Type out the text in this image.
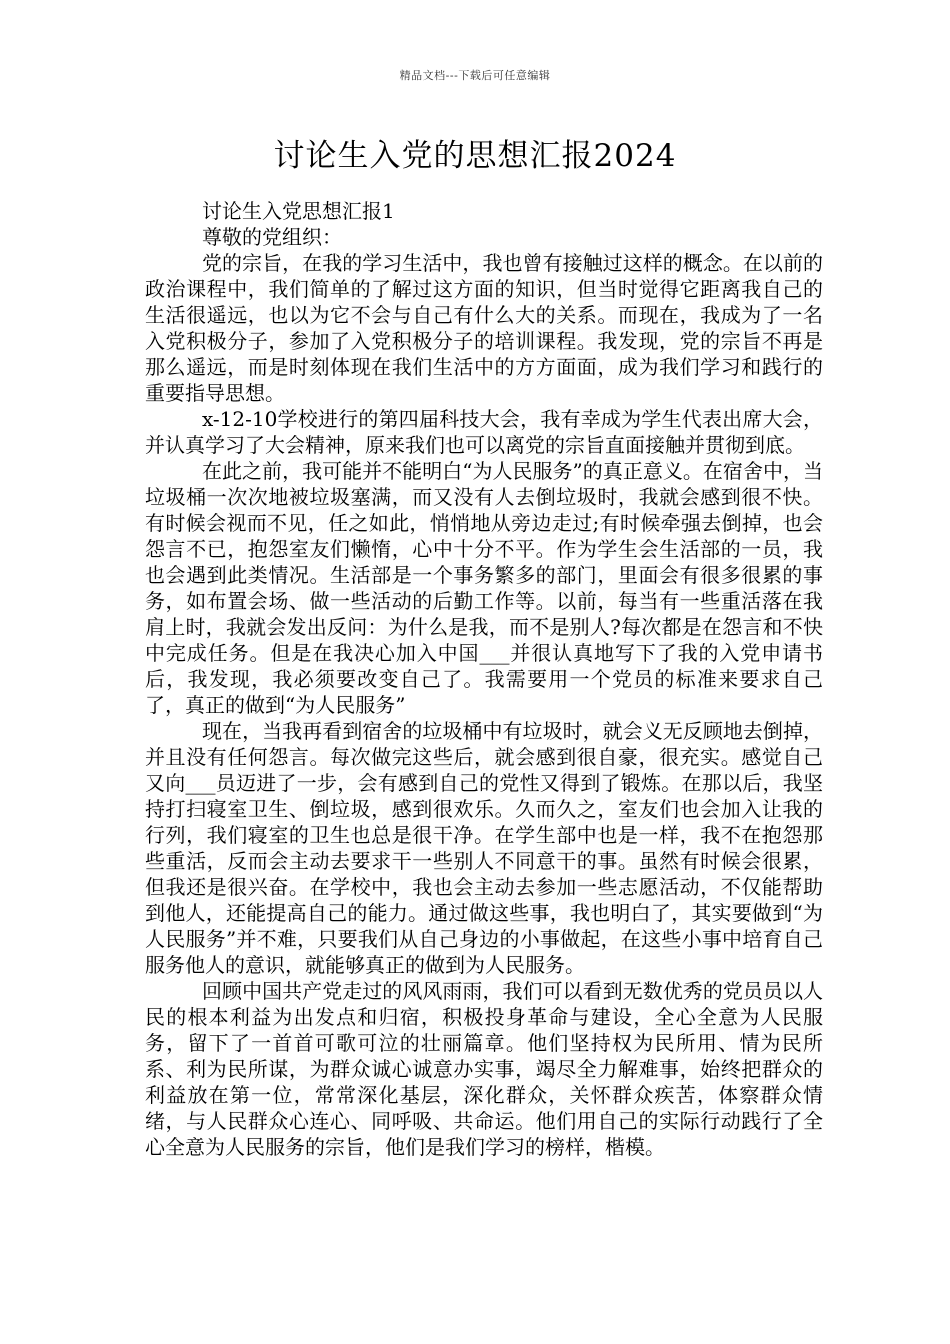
精品文档---下载后可任意编辑
讨论生入党的思想汇报2024

讨论生入党思想汇报1

尊敬的党组织：

党的宗旨，在我的学习生活中，我也曾有接触过这样的概念。在以前的政治课程中，我们简单的了解过这方面的知识，但当时觉得它距离我自己的生活很遥远，也以为它不会与自己有什么大的关系。而现在，我成为了一名入党积极分子，参加了入党积极分子的培训课程。我发现，党的宗旨不再是那么遥远，而是时刻体现在我们生活中的方方面面，成为我们学习和践行的重要指导思想。

x-12-10学校进行的第四届科技大会，我有幸成为学生代表出席大会，并认真学习了大会精神，原来我们也可以离党的宗旨直面接触并贯彻到底。

在此之前，我可能并不能明白“为人民服务”的真正意义。在宿舍中，当垃圾桶一次次地被垃圾塞满，而又没有人去倒垃圾时，我就会感到很不快。有时候会视而不见，任之如此，悄悄地从旁边走过;有时候牵强去倒掉，也会怨言不已，抱怨室友们懒惰，心中十分不平。作为学生会生活部的一员，我也会遇到此类情况。生活部是一个事务繁多的部门，里面会有很多很累的事务，如布置会场、做一些活动的后勤工作等。以前，每当有一些重活落在我肩上时，我就会发出反问：为什么是我，而不是别人?每次都是在怨言和不快中完成任务。但是在我决心加入中国___并很认真地写下了我的入党申请书后，我发现，我必须要改变自己了。我需要用一个党员的标准来要求自己了，真正的做到“为人民服务”

现在，当我再看到宿舍的垃圾桶中有垃圾时，就会义无反顾地去倒掉，并且没有任何怨言。每次做完这些后，就会感到很自豪，很充实。感觉自己又向___员迈进了一步，会有感到自己的党性又得到了锻炼。在那以后，我坚持打扫寝室卫生、倒垃圾，感到很欢乐。久而久之，室友们也会加入让我的行列，我们寝室的卫生也总是很干净。在学生部中也是一样，我不在抱怨那些重活，反而会主动去要求干一些别人不同意干的事。虽然有时候会很累，但我还是很兴奋。在学校中，我也会主动去参加一些志愿活动，不仅能帮助到他人，还能提高自己的能力。通过做这些事，我也明白了，其实要做到“为人民服务”并不难，只要我们从自己身边的小事做起，在这些小事中培育自己服务他人的意识，就能够真正的做到为人民服务。

回顾中国共产党走过的风风雨雨，我们可以看到无数优秀的党员员以人民的根本利益为出发点和归宿，积极投身革命与建设，全心全意为人民服务，留下了一首首可歌可泣的壮丽篇章。他们坚持权为民所用、情为民所系、利为民所谋，为群众诚心诚意办实事，竭尽全力解难事，始终把群众的利益放在第一位，常常深化基层，深化群众，关怀群众疾苦，体察群众情绪，与人民群众心连心、同呼吸、共命运。他们用自己的实际行动践行了全心全意为人民服务的宗旨，他们是我们学习的榜样，楷模。
